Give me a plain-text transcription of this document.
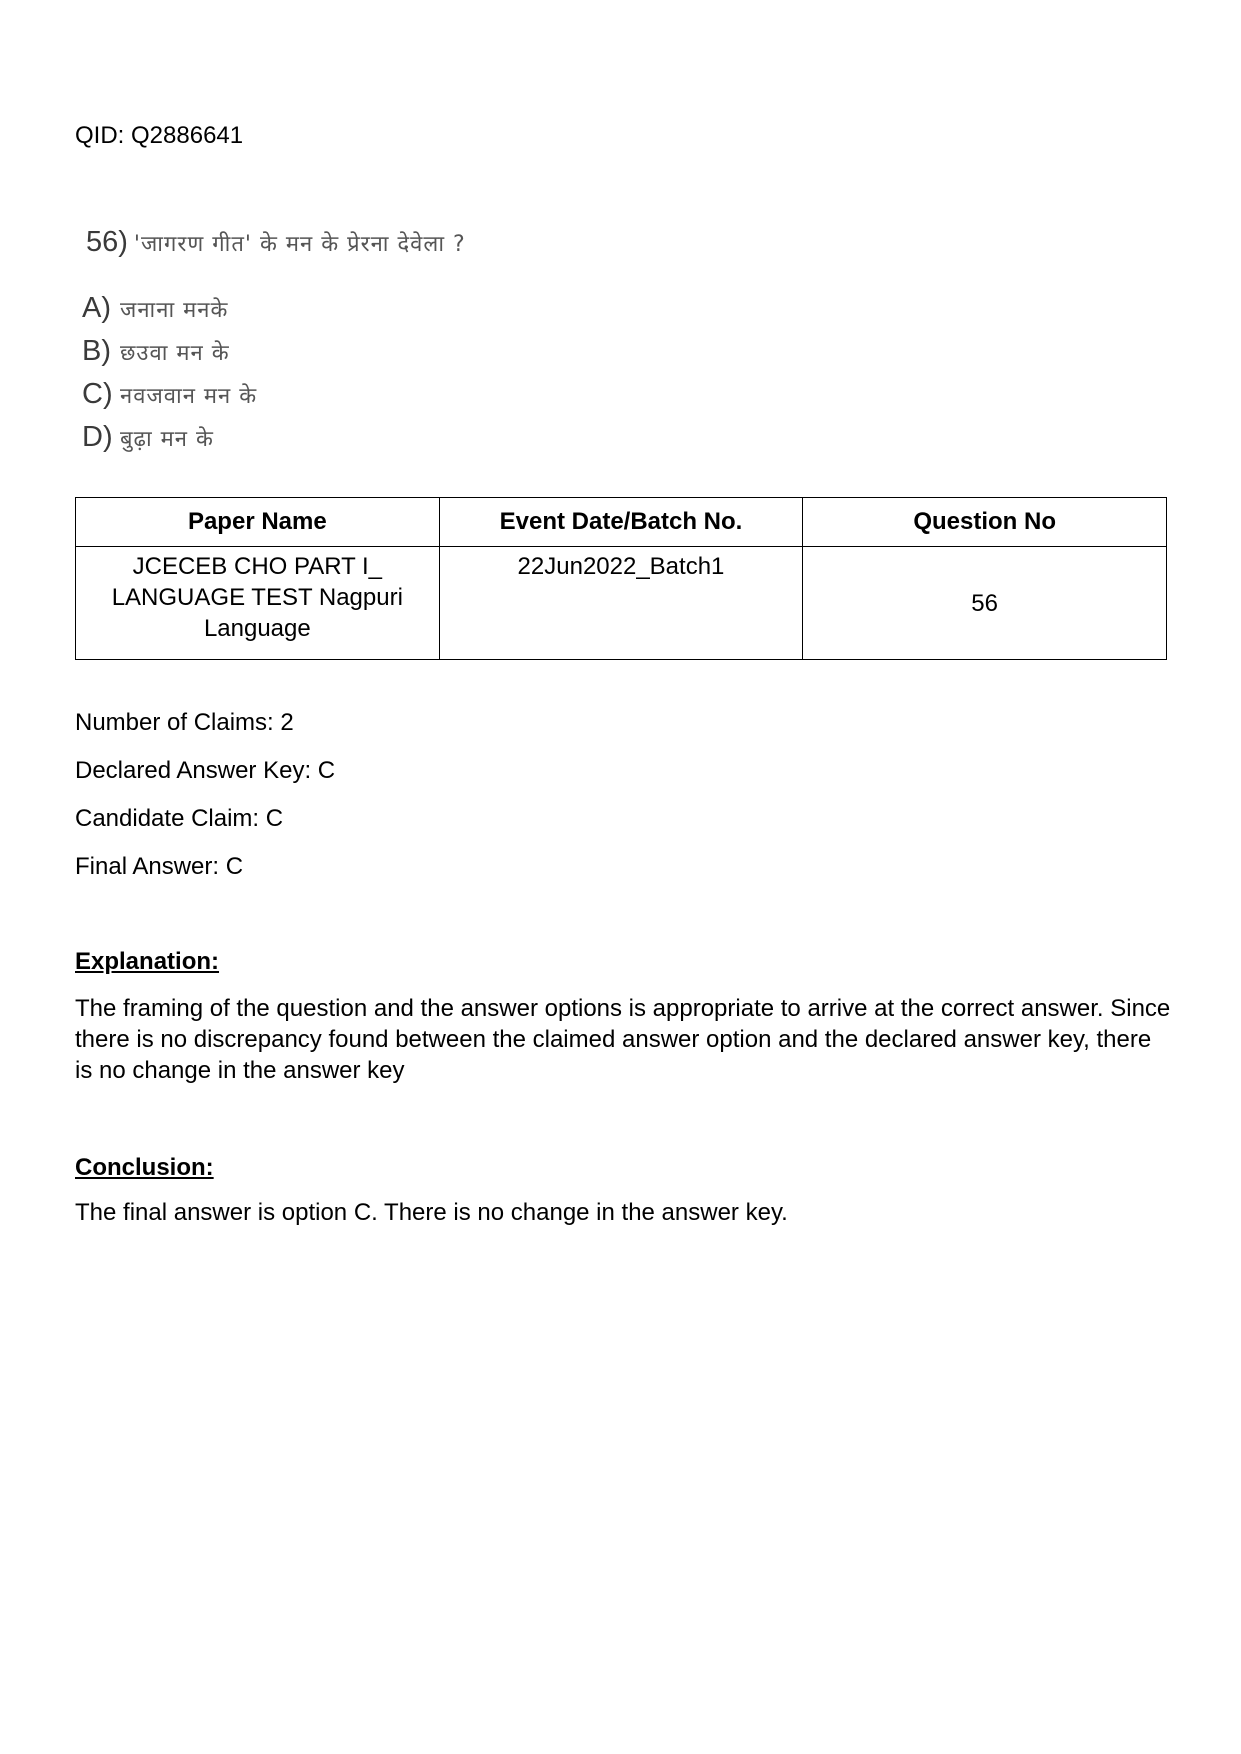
QID: Q2886641
56) 'जागरण गीत' के मन के प्रेरना देवेला ?
A) जनाना मनके
B) छउवा मन के
C) नवजवान मन के
D) बुढ़ा मन के
Paper Name	Event Date/Batch No.	Question No
JCECEB CHO PART I_ LANGUAGE TEST Nagpuri Language	22Jun2022_Batch1	56
Number of Claims: 2
Declared Answer Key: C
Candidate Claim: C
Final Answer: C
Explanation:
The framing of the question and the answer options is appropriate to arrive at the correct answer. Since there is no discrepancy found between the claimed answer option and the declared answer key, there is no change in the answer key
Conclusion:
The final answer is option C. There is no change in the answer key.
